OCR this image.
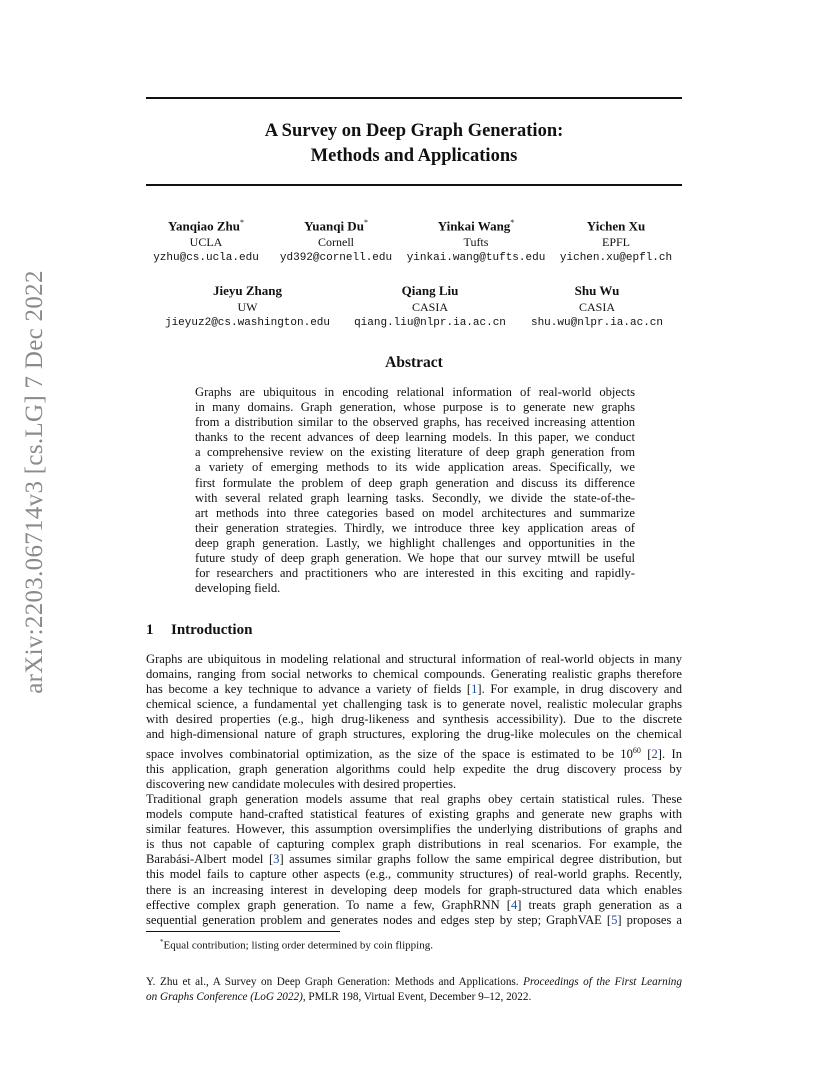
arXiv:2203.06714v3 [cs.LG] 7 Dec 2022
A Survey on Deep Graph Generation:
Methods and Applications
Yanqiao Zhu*
UCLA
yzhu@cs.ucla.edu
Yuanqi Du*
Cornell
yd392@cornell.edu
Yinkai Wang*
Tufts
yinkai.wang@tufts.edu
Yichen Xu
EPFL
yichen.xu@epfl.ch
Jieyu Zhang
UW
jieyuz2@cs.washington.edu
Qiang Liu
CASIA
qiang.liu@nlpr.ia.ac.cn
Shu Wu
CASIA
shu.wu@nlpr.ia.ac.cn
Abstract
Graphs are ubiquitous in encoding relational information of real-world objects
in many domains. Graph generation, whose purpose is to generate new graphs
from a distribution similar to the observed graphs, has received increasing attention
thanks to the recent advances of deep learning models. In this paper, we conduct
a comprehensive review on the existing literature of deep graph generation from
a variety of emerging methods to its wide application areas. Specifically, we
first formulate the problem of deep graph generation and discuss its difference
with several related graph learning tasks. Secondly, we divide the state-of-the-
art methods into three categories based on model architectures and summarize
their generation strategies. Thirdly, we introduce three key application areas of
deep graph generation. Lastly, we highlight challenges and opportunities in the
future study of deep graph generation. We hope that our survey mtwill be useful
for researchers and practitioners who are interested in this exciting and rapidly-
developing field.
1 Introduction
Graphs are ubiquitous in modeling relational and structural information of real-world objects in many
domains, ranging from social networks to chemical compounds. Generating realistic graphs therefore
has become a key technique to advance a variety of fields [1]. For example, in drug discovery and
chemical science, a fundamental yet challenging task is to generate novel, realistic molecular graphs
with desired properties (e.g., high drug-likeness and synthesis accessibility). Due to the discrete
and high-dimensional nature of graph structures, exploring the drug-like molecules on the chemical
space involves combinatorial optimization, as the size of the space is estimated to be $10^{60}$ [2]. In
this application, graph generation algorithms could help expedite the drug discovery process by
discovering new candidate molecules with desired properties.
Traditional graph generation models assume that real graphs obey certain statistical rules. These
models compute hand-crafted statistical features of existing graphs and generate new graphs with
similar features. However, this assumption oversimplifies the underlying distributions of graphs and
is thus not capable of capturing complex graph distributions in real scenarios. For example, the
Barabási-Albert model [3] assumes similar graphs follow the same empirical degree distribution, but
this model fails to capture other aspects (e.g., community structures) of real-world graphs. Recently,
there is an increasing interest in developing deep models for graph-structured data which enables
effective complex graph generation. To name a few, GraphRNN [4] treats graph generation as a
sequential generation problem and generates nodes and edges step by step; GraphVAE [5] proposes a
*Equal contribution; listing order determined by coin flipping.
Y. Zhu et al., A Survey on Deep Graph Generation: Methods and Applications. Proceedings of the First Learning
on Graphs Conference (LoG 2022), PMLR 198, Virtual Event, December 9–12, 2022.
